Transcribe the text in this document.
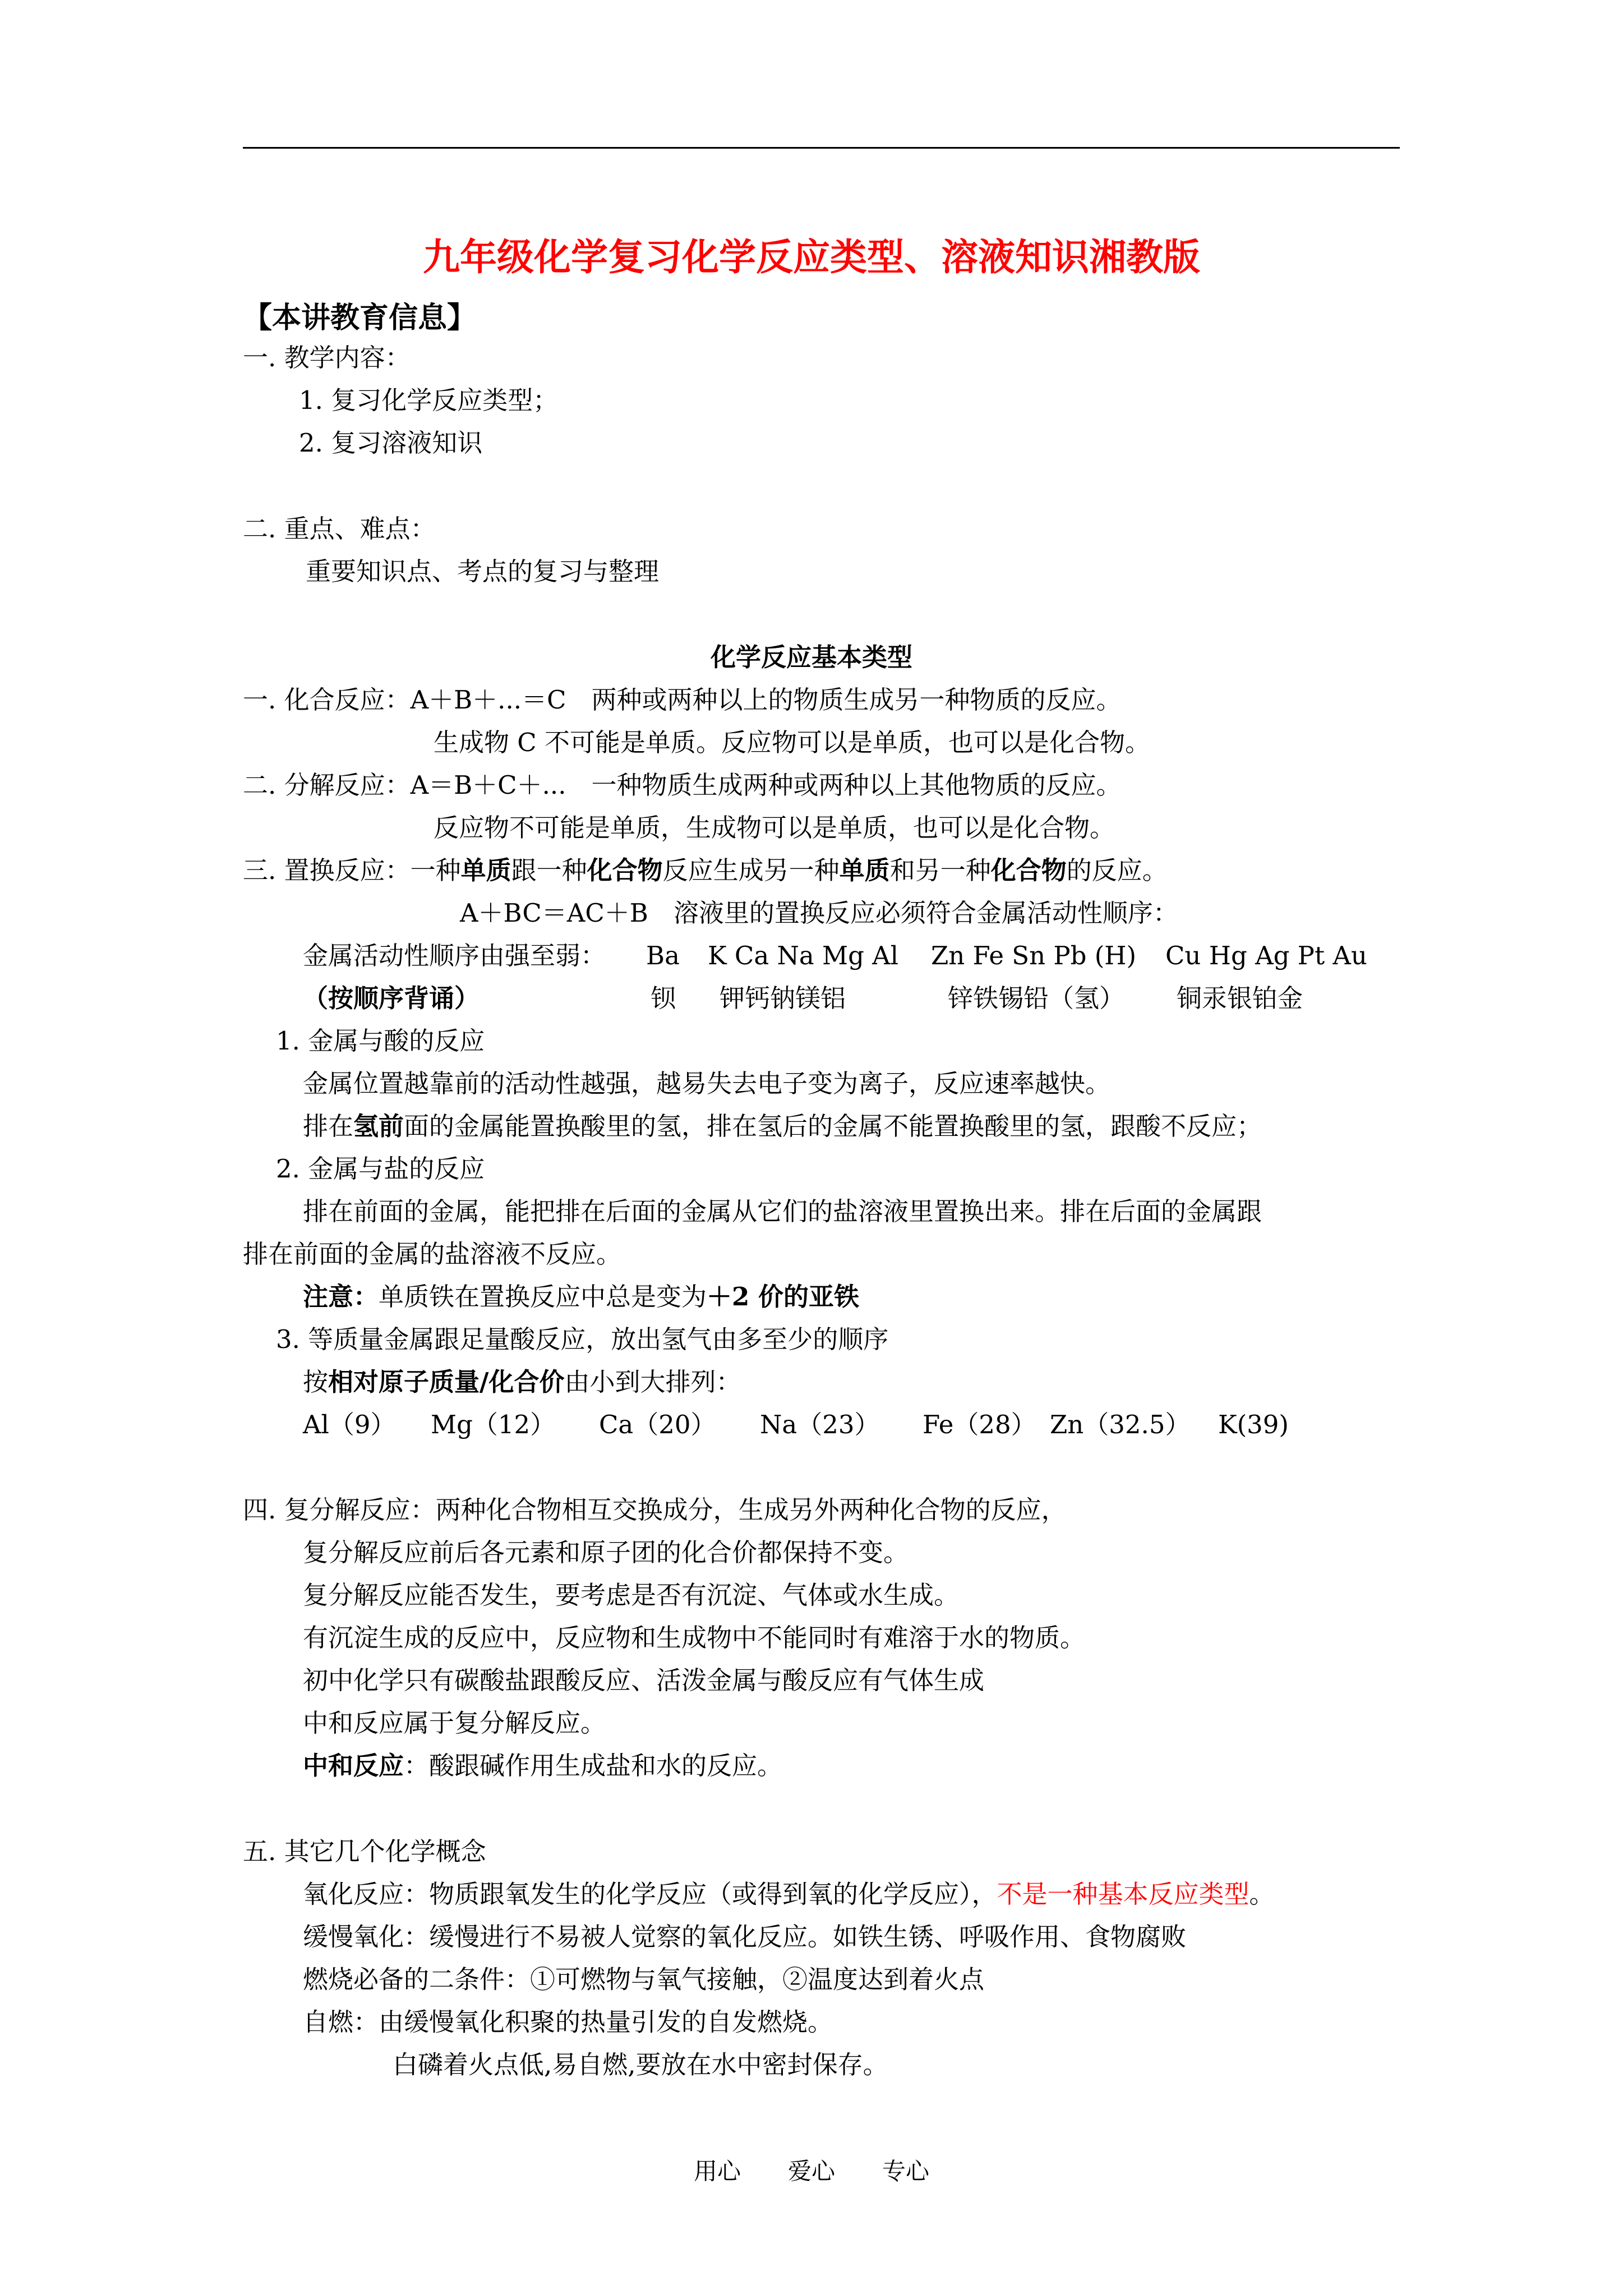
九年级化学复习化学反应类型、溶液知识湘教版
【本讲教育信息】
一. 教学内容：
1. 复习化学反应类型；
2. 复习溶液知识
二. 重点、难点：
重要知识点、考点的复习与整理
化学反应基本类型
一. 化合反应：A＋B＋...＝C　两种或两种以上的物质生成另一种物质的反应。
生成物 C 不可能是单质。反应物可以是单质，也可以是化合物。
二. 分解反应：A＝B＋C＋...　一种物质生成两种或两种以上其他物质的反应。
反应物不可能是单质，生成物可以是单质，也可以是化合物。
三. 置换反应：一种单质跟一种化合物反应生成另一种单质和另一种化合物的反应。
A＋BC＝AC＋B　溶液里的置换反应必须符合金属活动性顺序：
金属活动性顺序由强至弱： Ba K Ca Na Mg Al Zn Fe Sn Pb (H) Cu Hg Ag Pt Au
（按顺序背诵）	钡 钾钙钠镁铝	锌铁锡铅（氢） 铜汞银铂金
1. 金属与酸的反应
金属位置越靠前的活动性越强，越易失去电子变为离子，反应速率越快。
排在氢前面的金属能置换酸里的氢，排在氢后的金属不能置换酸里的氢，跟酸不反应；
2. 金属与盐的反应
排在前面的金属，能把排在后面的金属从它们的盐溶液里置换出来。排在后面的金属跟
排在前面的金属的盐溶液不反应。
注意：单质铁在置换反应中总是变为＋2 价的亚铁
3. 等质量金属跟足量酸反应，放出氢气由多至少的顺序
按相对原子质量/化合价由小到大排列：
Al（9） Mg（12） Ca（20） Na（23） Fe（28） Zn（32.5） K(39)
四. 复分解反应：两种化合物相互交换成分，生成另外两种化合物的反应，
复分解反应前后各元素和原子团的化合价都保持不变。
复分解反应能否发生，要考虑是否有沉淀、气体或水生成。
有沉淀生成的反应中，反应物和生成物中不能同时有难溶于水的物质。
初中化学只有碳酸盐跟酸反应、活泼金属与酸反应有气体生成
中和反应属于复分解反应。
中和反应：酸跟碱作用生成盐和水的反应。
五. 其它几个化学概念
氧化反应：物质跟氧发生的化学反应（或得到氧的化学反应），不是一种基本反应类型。
缓慢氧化：缓慢进行不易被人觉察的氧化反应。如铁生锈、呼吸作用、食物腐败
燃烧必备的二条件：①可燃物与氧气接触，②温度达到着火点
自燃：由缓慢氧化积聚的热量引发的自发燃烧。
白磷着火点低,易自燃,要放在水中密封保存。
用心　　爱心　　专心
